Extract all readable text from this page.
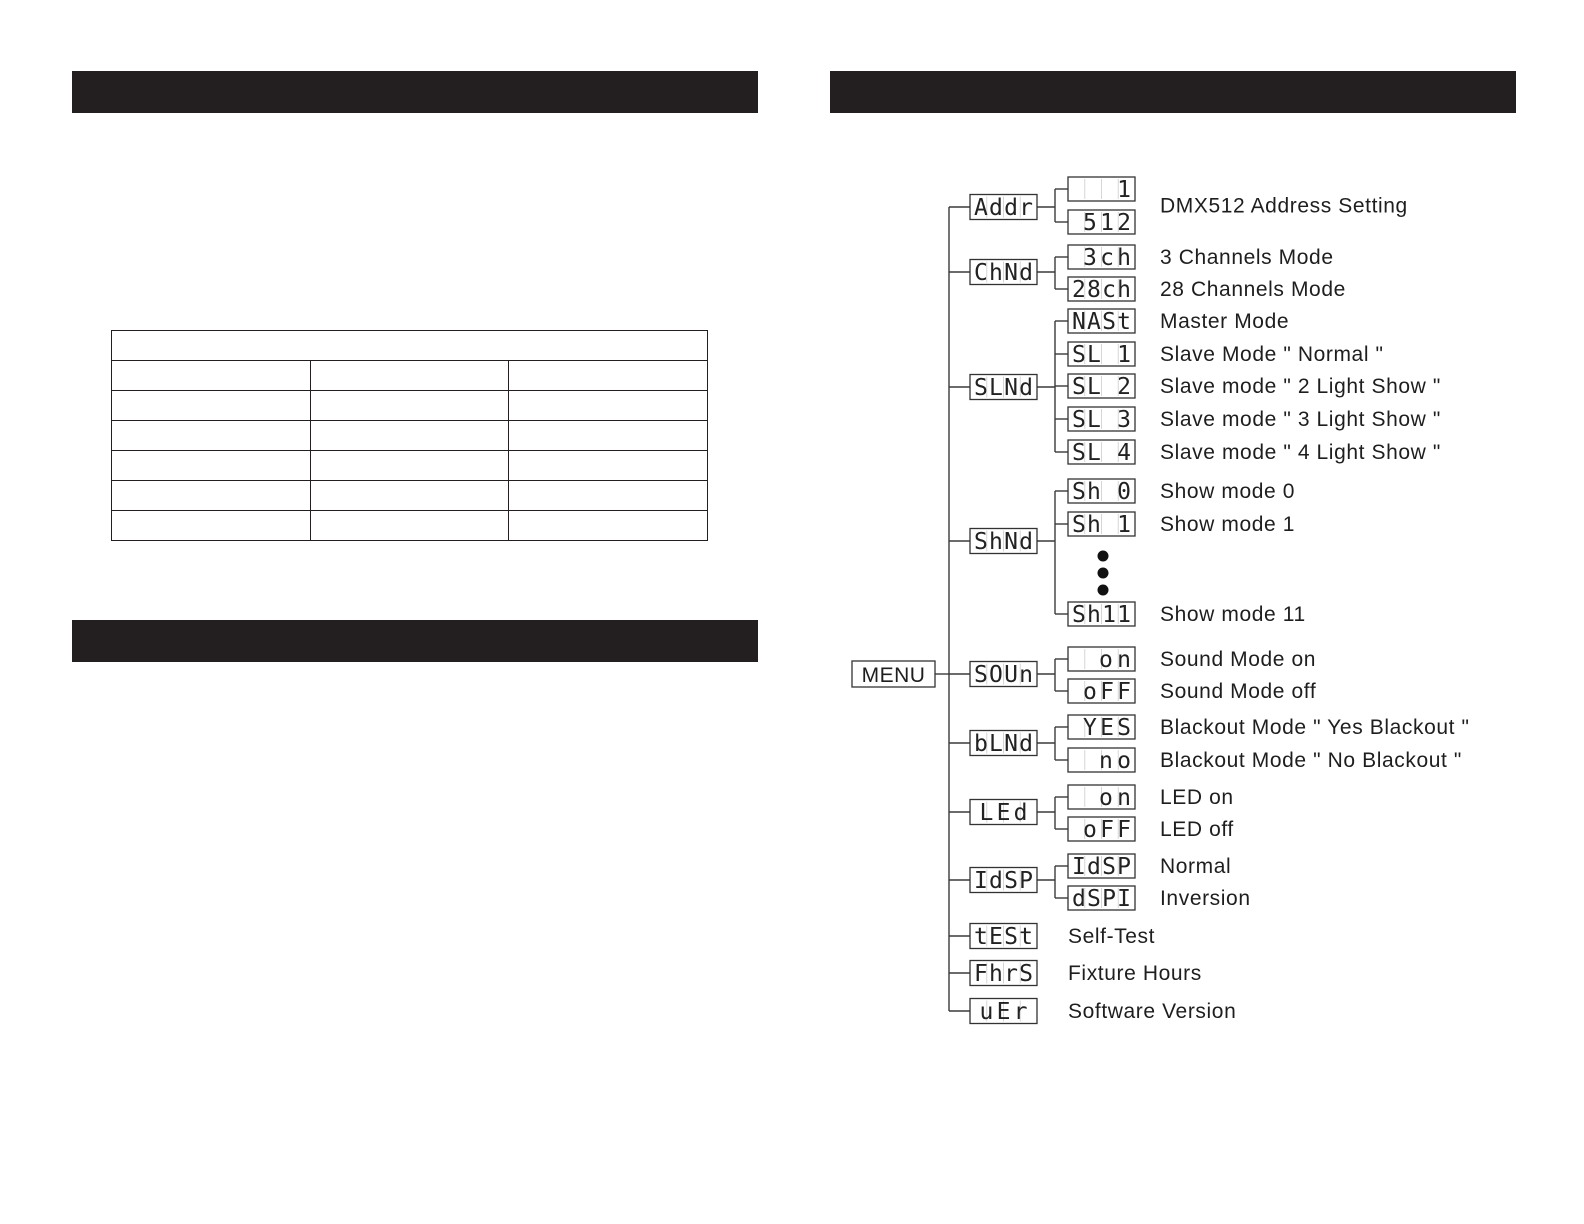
MENU
Addr
1
512
DMX512 Address Setting
ChNd
3ch 3 Channels Mode
28ch 28 Channels Mode
SLNd
NASt Master Mode
SL 1 Slave Mode " Normal "
SL 2 Slave mode " 2 Light Show "
SL 3 Slave mode " 3 Light Show "
SL 4 Slave mode " 4 Light Show "
ShNd
Sh 0 Show mode 0
Sh 1 Show mode 1
Sh11 Show mode 11
SOUn
on Sound Mode on
oFF Sound Mode off
bLNd
YES Blackout Mode " Yes Blackout "
no Blackout Mode " No Blackout "
LEd
on LED on
oFF LED off
IdSP
IdSP Normal
dSPI Inversion
tESt Self-Test
FhrS Fixture Hours
uEr Software Version
